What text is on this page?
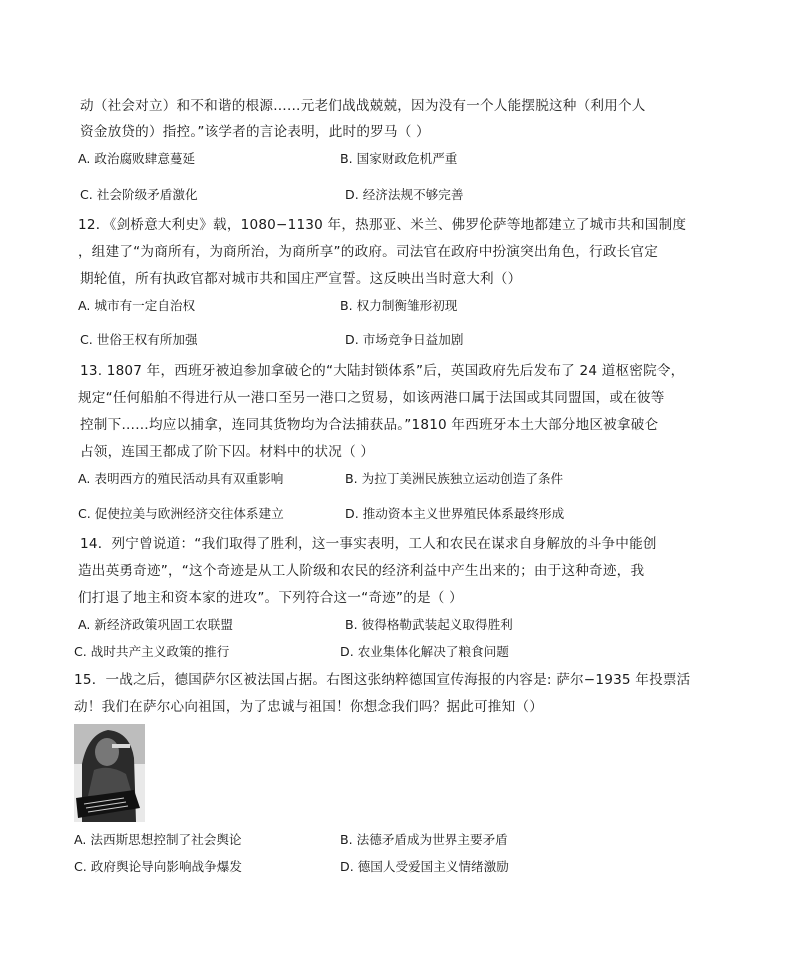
动（社会对立）和不和谐的根源……元老们战战兢兢，因为没有一个人能摆脱这种（利用个人
资金放贷的）指控。”该学者的言论表明，此时的罗马（ ）
A. 政治腐败肆意蔓延	B. 国家财政危机严重
C. 社会阶级矛盾激化	D. 经济法规不够完善
12．《剑桥意大利史》载，1080−1130 年，热那亚、米兰、佛罗伦萨等地都建立了城市共和国制度
，组建了“为商所有，为商所治，为商所享”的政府。司法官在政府中扮演突出角色，行政长官定
期轮值，所有执政官都对城市共和国庄严宣誓。这反映出当时意大利（）
A. 城市有一定自治权	B. 权力制衡雏形初现
C. 世俗王权有所加强	D. 市场竞争日益加剧
13. 1807 年，西班牙被迫参加拿破仑的“大陆封锁体系”后，英国政府先后发布了 24 道枢密院令，
规定“任何船舶不得进行从一港口至另一港口之贸易，如该两港口属于法国或其同盟国，或在彼等
控制下……均应以捕拿，连同其货物均为合法捕获品。”1810 年西班牙本土大部分地区被拿破仑
占领，连国王都成了阶下囚。材料中的状况（ ）
A. 表明西方的殖民活动具有双重影响	B. 为拉丁美洲民族独立运动创造了条件
C. 促使拉美与欧洲经济交往体系建立	D. 推动资本主义世界殖民体系最终形成
14．列宁曾说道：“我们取得了胜利，这一事实表明，工人和农民在谋求自身解放的斗争中能创
造出英勇奇迹”，“这个奇迹是从工人阶级和农民的经济利益中产生出来的；由于这种奇迹，我
们打退了地主和资本家的进攻”。下列符合这一“奇迹”的是（ ）
A. 新经济政策巩固工农联盟	B. 彼得格勒武装起义取得胜利
C. 战时共产主义政策的推行	D. 农业集体化解决了粮食问题
15．一战之后，德国萨尔区被法国占据。右图这张纳粹德国宣传海报的内容是: 萨尔−1935 年投票活
动！我们在萨尔心向祖国，为了忠诚与祖国！你想念我们吗？据此可推知（）
A. 法西斯思想控制了社会舆论	B. 法德矛盾成为世界主要矛盾
C. 政府舆论导向影响战争爆发	D. 德国人受爱国主义情绪激励
